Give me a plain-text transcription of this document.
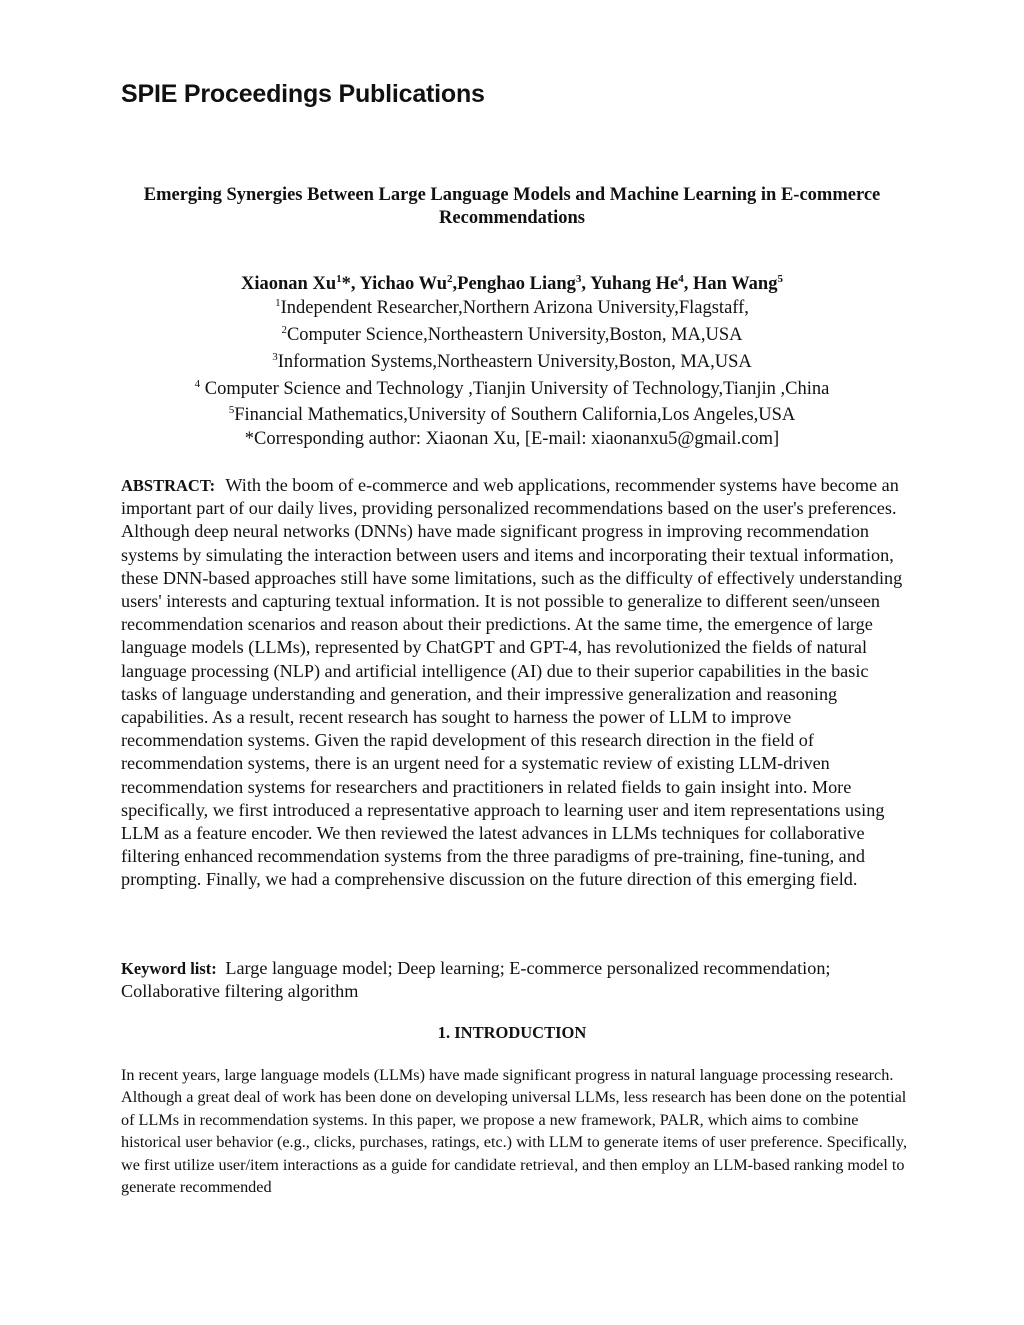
SPIE Proceedings Publications
Emerging Synergies Between Large Language Models and Machine Learning in E-commerce Recommendations
Xiaonan Xu$^1$*, Yichao Wu$^2$,Penghao Liang$^3$, Yuhang He$^4$, Han Wang$^5$
$^1$Independent Researcher,Northern Arizona University,Flagstaff,
$^2$Computer Science,Northeastern University,Boston, MA,USA
$^3$Information Systems,Northeastern University,Boston, MA,USA
$^4$ Computer Science and Technology ,Tianjin University of Technology,Tianjin ,China
$^5$Financial Mathematics,University of Southern California,Los Angeles,USA
*Corresponding author: Xiaonan Xu, [E-mail: xiaonanxu5@gmail.com]

ABSTRACT: With the boom of e-commerce and web applications, recommender systems have become an important part of our daily lives, providing personalized recommendations based on the user's preferences. Although deep neural networks (DNNs) have made significant progress in improving recommendation systems by simulating the interaction between users and items and incorporating their textual information, these DNN-based approaches still have some limitations, such as the difficulty of effectively understanding users' interests and capturing textual information. It is not possible to generalize to different seen/unseen recommendation scenarios and reason about their predictions. At the same time, the emergence of large language models (LLMs), represented by ChatGPT and GPT-4, has revolutionized the fields of natural language processing (NLP) and artificial intelligence (AI) due to their superior capabilities in the basic tasks of language understanding and generation, and their impressive generalization and reasoning capabilities. As a result, recent research has sought to harness the power of LLM to improve recommendation systems. Given the rapid development of this research direction in the field of recommendation systems, there is an urgent need for a systematic review of existing LLM-driven recommendation systems for researchers and practitioners in related fields to gain insight into. More specifically, we first introduced a representative approach to learning user and item representations using LLM as a feature encoder. We then reviewed the latest advances in LLMs techniques for collaborative filtering enhanced recommendation systems from the three paradigms of pre-training, fine-tuning, and prompting. Finally, we had a comprehensive discussion on the future direction of this emerging field.

Keyword list: Large language model; Deep learning; E-commerce personalized recommendation; Collaborative filtering algorithm

1. INTRODUCTION

In recent years, large language models (LLMs) have made significant progress in natural language processing research. Although a great deal of work has been done on developing universal LLMs, less research has been done on the potential of LLMs in recommendation systems. In this paper, we propose a new framework, PALR, which aims to combine historical user behavior (e.g., clicks, purchases, ratings, etc.) with LLM to generate items of user preference. Specifically, we first utilize user/item interactions as a guide for candidate retrieval, and then employ an LLM-based ranking model to generate recommended
